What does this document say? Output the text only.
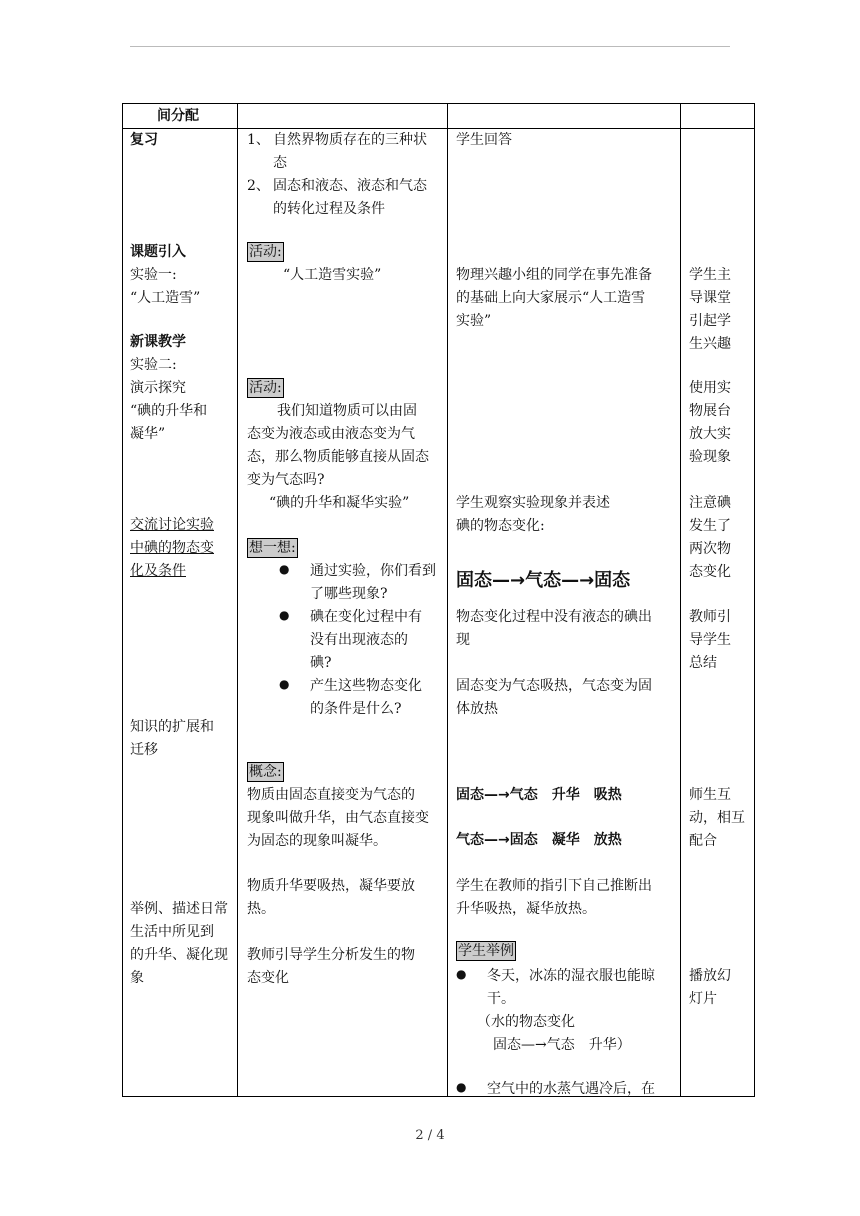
间分配
复习
课题引入
实验一:
“人工造雪”
新课教学
实验二:
演示探究
“碘的升华和
凝华”
交流讨论实验
中碘的物态变
化及条件
知识的扩展和
迁移
举例、描述日常
生活中所见到
的升华、凝化现
象
1、 自然界物质存在的三种状
态
2、 固态和液态、液态和气态
的转化过程及条件
活动:
“人工造雪实验”
活动:
我们知道物质可以由固
态变为液态或由液态变为气
态，那么物质能够直接从固态
变为气态吗?
“碘的升华和凝华实验”
想一想:
● 通过实验，你们看到
了哪些现象?
● 碘在变化过程中有
没有出现液态的
碘?
● 产生这些物态变化
的条件是什么?
概念:
物质由固态直接变为气态的
现象叫做升华，由气态直接变
为固态的现象叫凝华。
物质升华要吸热，凝华要放
热。
教师引导学生分析发生的物
态变化
学生回答
物理兴趣小组的同学在事先准备
的基础上向大家展示“人工造雪
实验”
学生观察实验现象并表述
碘的物态变化:
固态—→气态—→固态
物态变化过程中没有液态的碘出
现
固态变为气态吸热，气态变为固
体放热
固态—→气态　升华　吸热
气态—→固态　凝华　放热
学生在教师的指引下自己推断出
升华吸热，凝华放热。
学生举例
● 冬天，冰冻的湿衣服也能晾
干。
（水的物态变化
固态—→气态　升华）
● 空气中的水蒸气遇冷后，在
学生主
导课堂
引起学
生兴趣
使用实
物展台
放大实
验现象
注意碘
发生了
两次物
态变化
教师引
导学生
总结
师生互
动，相互
配合
播放幻
灯片
2 / 4
